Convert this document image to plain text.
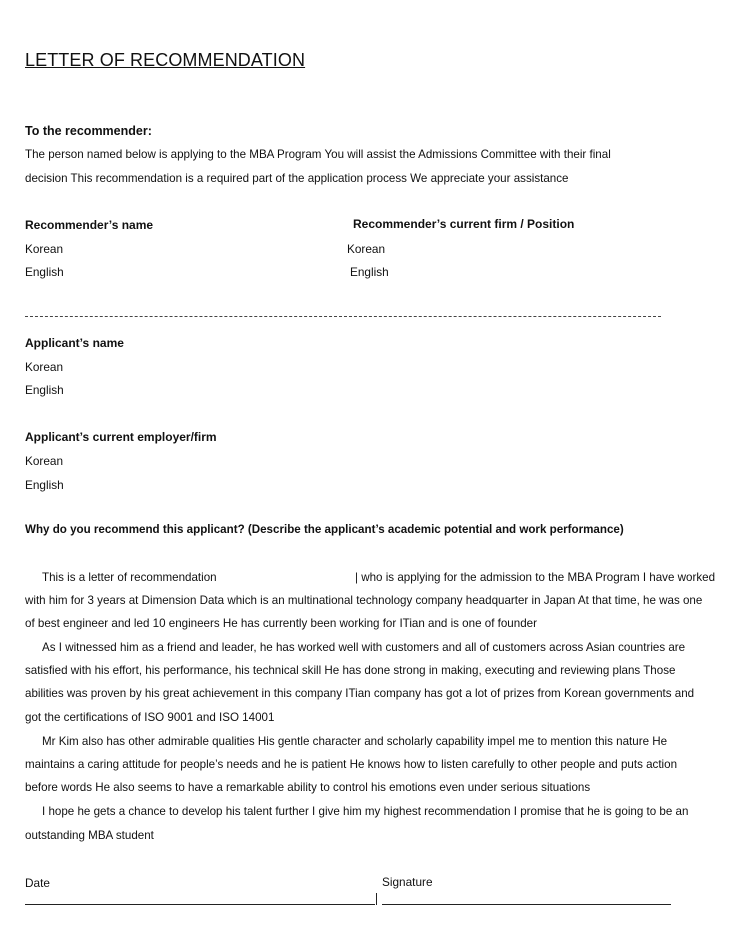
LETTER OF RECOMMENDATION
To the recommender:
The person named below is applying to the MBA Program You will assist the Admissions Committee with their final
decision This recommendation is a required part of the application process We appreciate your assistance
Recommender’s name
Korean
English
Recommender’s current firm / Position
Korean
English
Applicant’s name
Korean
English
Applicant’s current employer/firm
Korean
English
Why do you recommend this applicant? (Describe the applicant’s academic potential and work performance)
This is a letter of recommendation	| who is applying for the admission to the MBA Program I have worked
with him for 3 years at Dimension Data which is an multinational technology company headquarter in Japan At that time, he was one
of best engineer and led 10 engineers He has currently been working for ITian and is one of founder
As I witnessed him as a friend and leader, he has worked well with customers and all of customers across Asian countries are
satisfied with his effort, his performance, his technical skill He has done strong in making, executing and reviewing plans Those
abilities was proven by his great achievement in this company ITian company has got a lot of prizes from Korean governments and
got the certifications of ISO 9001 and ISO 14001
Mr Kim also has other admirable qualities His gentle character and scholarly capability impel me to mention this nature He
maintains a caring attitude for people’s needs and he is patient He knows how to listen carefully to other people and puts action
before words He also seems to have a remarkable ability to control his emotions even under serious situations
I hope he gets a chance to develop his talent further I give him my highest recommendation I promise that he is going to be an
outstanding MBA student
Date	Signature
